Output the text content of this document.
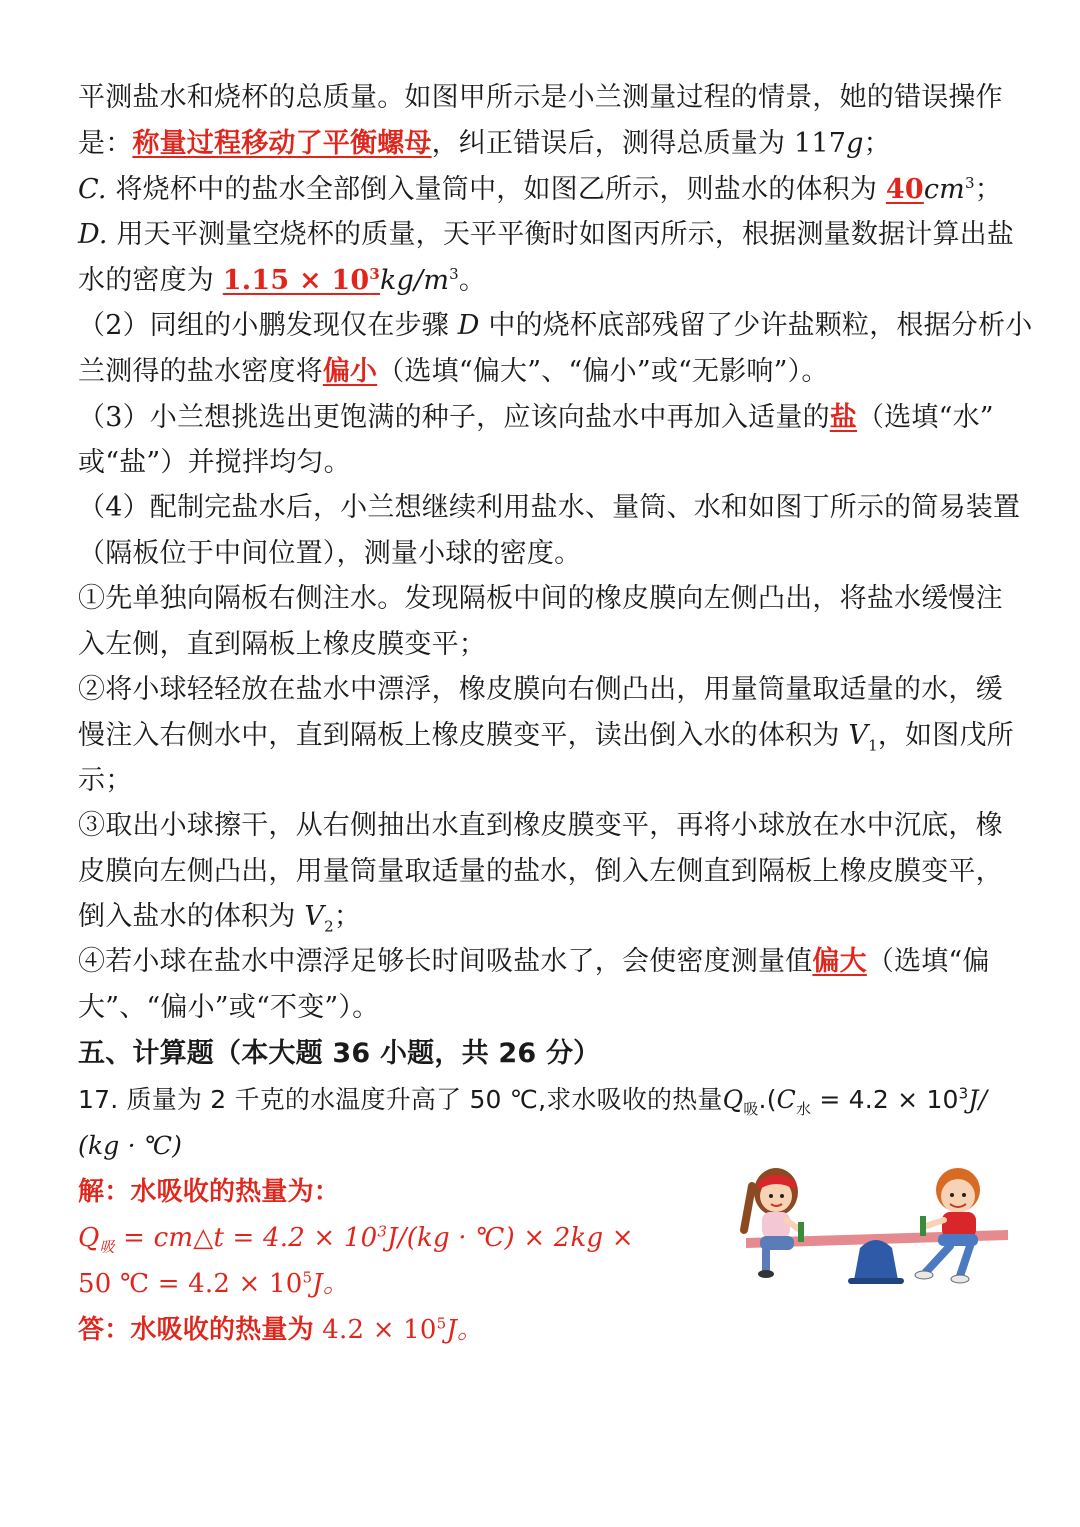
平测盐水和烧杯的总质量。如图甲所示是小兰测量过程的情景，她的错误操作
是：称量过程移动了平衡螺母，纠正错误后，测得总质量为 117g；
C. 将烧杯中的盐水全部倒入量筒中，如图乙所示，则盐水的体积为 $40cm^3$；
D. 用天平测量空烧杯的质量，天平平衡时如图丙所示，根据测量数据计算出盐
水的密度为 $1.15 \times 10^3kg/m^3$。
（2）同组的小鹏发现仅在步骤 D 中的烧杯底部残留了少许盐颗粒，根据分析小
兰测得的盐水密度将偏小（选填“偏大”、“偏小”或“无影响”）。
（3）小兰想挑选出更饱满的种子，应该向盐水中再加入适量的盐（选填“水”
或“盐”）并搅拌均匀。
（4）配制完盐水后，小兰想继续利用盐水、量筒、水和如图丁所示的简易装置
（隔板位于中间位置），测量小球的密度。
①先单独向隔板右侧注水。发现隔板中间的橡皮膜向左侧凸出，将盐水缓慢注
入左侧，直到隔板上橡皮膜变平；
②将小球轻轻放在盐水中漂浮，橡皮膜向右侧凸出，用量筒量取适量的水，缓
慢注入右侧水中，直到隔板上橡皮膜变平，读出倒入水的体积为 $V_1$，如图戊所
示；
③取出小球擦干，从右侧抽出水直到橡皮膜变平，再将小球放在水中沉底，橡
皮膜向左侧凸出，用量筒量取适量的盐水，倒入左侧直到隔板上橡皮膜变平，
倒入盐水的体积为 $V_2$；
④若小球在盐水中漂浮足够长时间吸盐水了，会使密度测量值偏大（选填“偏
大”、“偏小”或“不变”）。
五、计算题（本大题 36 小题，共 26 分）
17. 质量为 2 千克的水温度升高了 50 ℃,求水吸收的热量$Q_吸.(C_水 = 4.2 \times 10^3J/$
(kg · ℃)
解：水吸收的热量为：
$Q_吸$ = cm△t = $4.2 \times 10^3J/(kg$ · ℃) × 2kg ×
50 ℃ = $4.2 \times 10^5J$。
答：水吸收的热量为 $4.2 \times 10^5J$。
